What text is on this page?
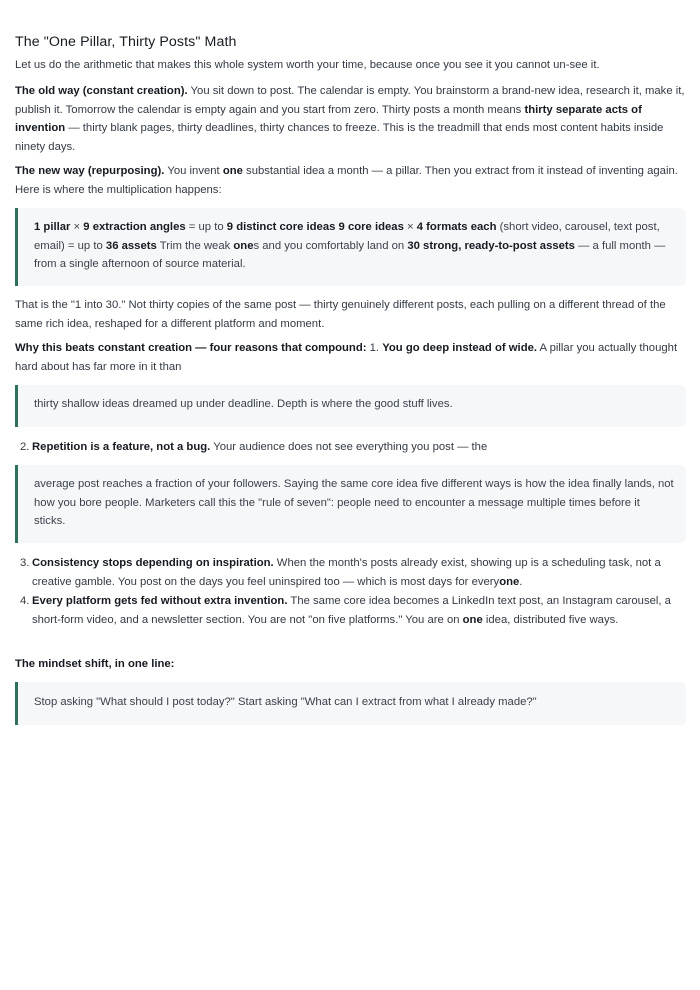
The "One Pillar, Thirty Posts" Math

Let us do the arithmetic that makes this whole system worth your time, because once you see it you cannot un-see it.

The old way (constant creation). You sit down to post. The calendar is empty. You brainstorm a brand-new idea, research it, make it, publish it. Tomorrow the calendar is empty again and you start from zero. Thirty posts a month means thirty separate acts of invention — thirty blank pages, thirty deadlines, thirty chances to freeze. This is the treadmill that ends most content habits inside ninety days.

The new way (repurposing). You invent one substantial idea a month — a pillar. Then you extract from it instead of inventing again. Here is where the multiplication happens:

1 pillar × 9 extraction angles = up to 9 distinct core ideas 9 core ideas × 4 formats each (short video, carousel, text post, email) = up to 36 assets Trim the weak ones and you comfortably land on 30 strong, ready-to-post assets — a full month — from a single afternoon of source material.

That is the "1 into 30." Not thirty copies of the same post — thirty genuinely different posts, each pulling on a different thread of the same rich idea, reshaped for a different platform and moment.

Why this beats constant creation — four reasons that compound: 1. You go deep instead of wide. A pillar you actually thought hard about has far more in it than

thirty shallow ideas dreamed up under deadline. Depth is where the good stuff lives.

2. Repetition is a feature, not a bug. Your audience does not see everything you post — the

average post reaches a fraction of your followers. Saying the same core idea five different ways is how the idea finally lands, not how you bore people. Marketers call this the "rule of seven": people need to encounter a message multiple times before it sticks.

3. Consistency stops depending on inspiration. When the month's posts already exist, showing up is a scheduling task, not a creative gamble. You post on the days you feel uninspired too — which is most days for everyone.

4. Every platform gets fed without extra invention. The same core idea becomes a LinkedIn text post, an Instagram carousel, a short-form video, and a newsletter section. You are not "on five platforms." You are on one idea, distributed five ways.

The mindset shift, in one line:

Stop asking "What should I post today?" Start asking "What can I extract from what I already made?"
